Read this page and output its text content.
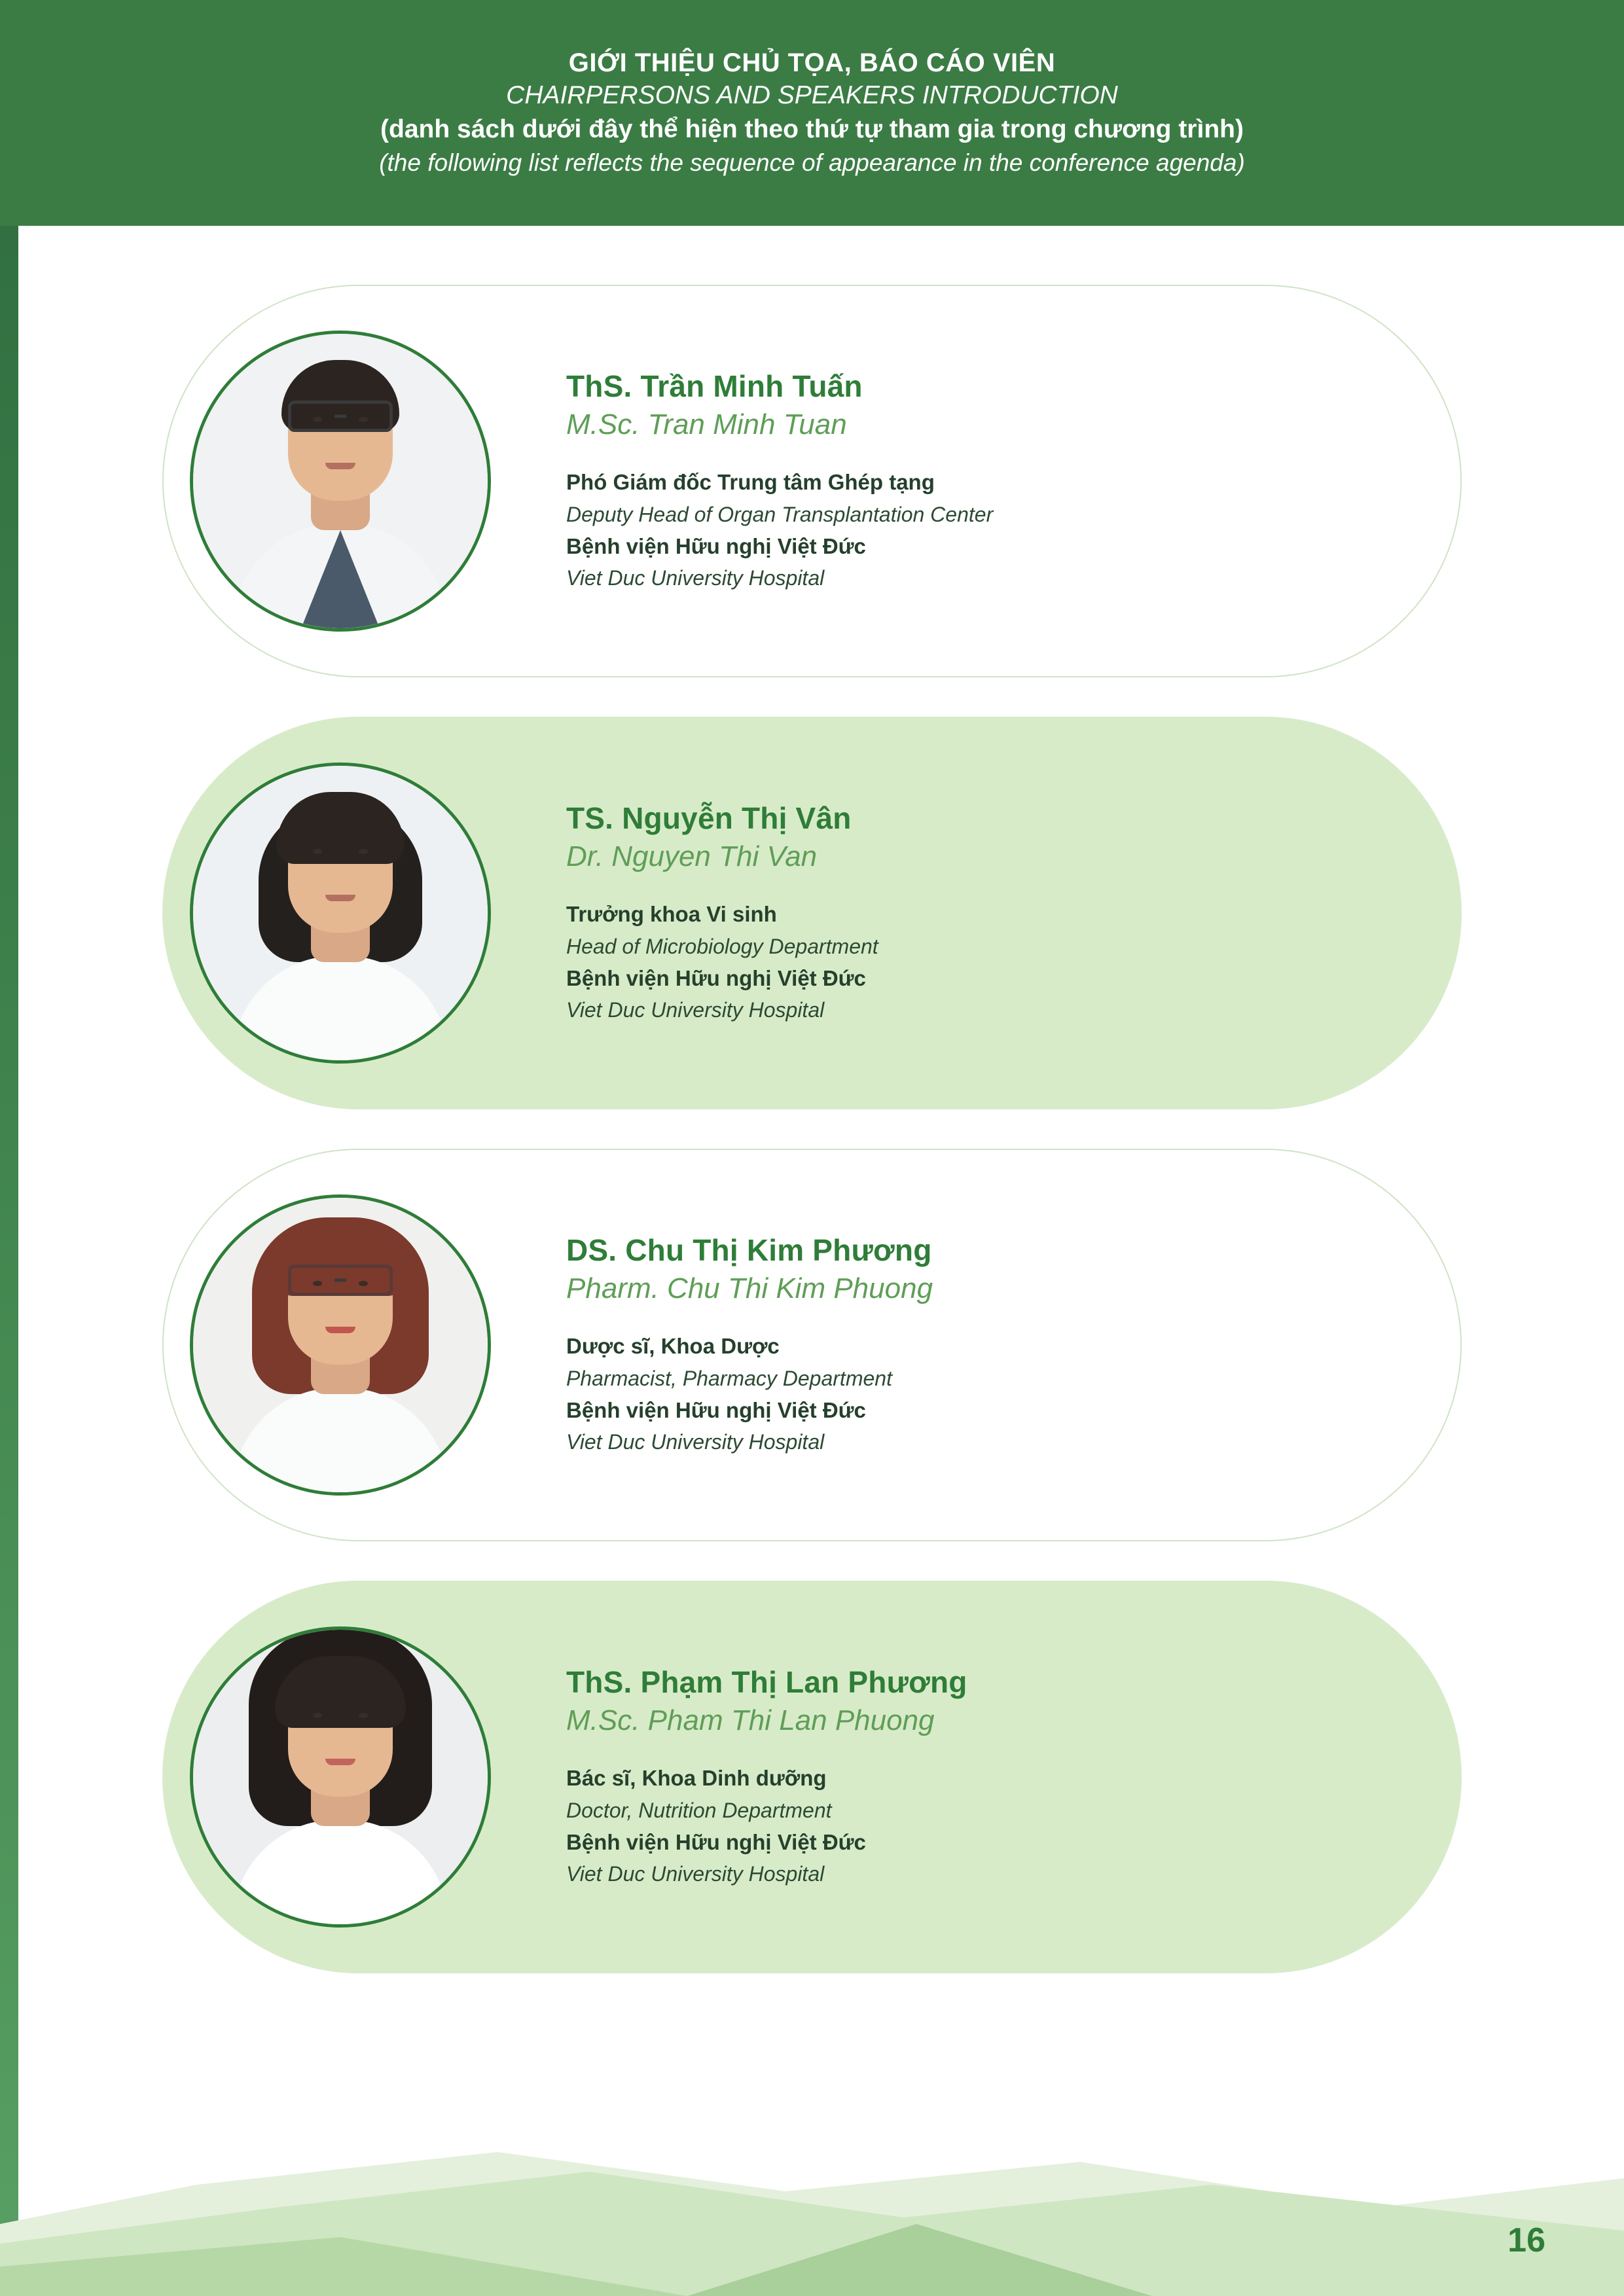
GIỚI THIỆU CHỦ TỌA, BÁO CÁO VIÊN
CHAIRPERSONS AND SPEAKERS INTRODUCTION
(danh sách dưới đây thể hiện theo thứ tự tham gia trong chương trình)
(the following list reflects the sequence of appearance in the conference agenda)
ThS. Trần Minh Tuấn
M.Sc. Tran Minh Tuan
Phó Giám đốc Trung tâm Ghép tạng
Deputy Head of Organ Transplantation Center
Bệnh viện Hữu nghị Việt Đức
Viet Duc University Hospital
TS. Nguyễn Thị Vân
Dr. Nguyen Thi Van
Trưởng khoa Vi sinh
Head of Microbiology Department
Bệnh viện Hữu nghị Việt Đức
Viet Duc University Hospital
DS. Chu Thị Kim Phương
Pharm. Chu Thi Kim Phuong
Dược sĩ, Khoa Dược
Pharmacist, Pharmacy Department
Bệnh viện Hữu nghị Việt Đức
Viet Duc University Hospital
ThS. Phạm Thị Lan Phương
M.Sc. Pham Thi Lan Phuong
Bác sĩ, Khoa Dinh dưỡng
Doctor, Nutrition Department
Bệnh viện Hữu nghị Việt Đức
Viet Duc University Hospital
16
